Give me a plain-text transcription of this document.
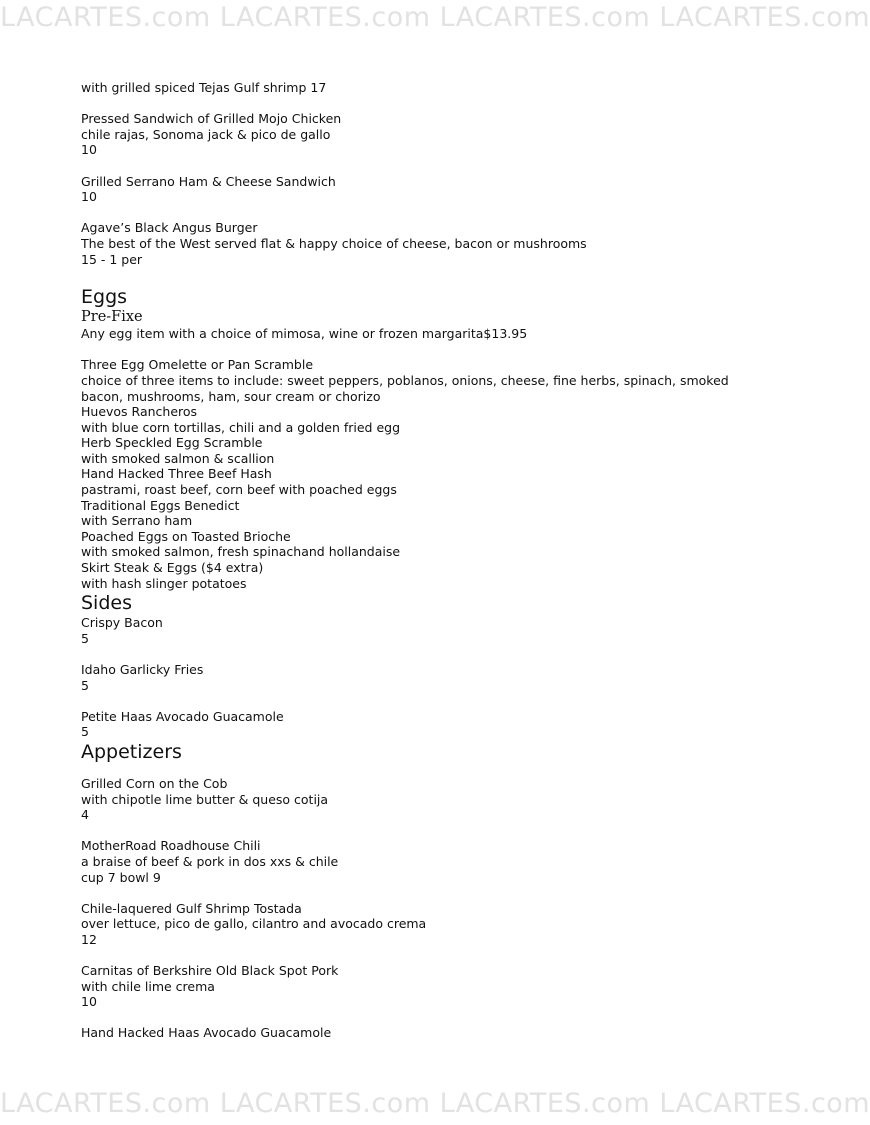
LACARTES.com LACARTES.com LACARTES.com LACARTES.com
with grilled spiced Tejas Gulf shrimp 17
Pressed Sandwich of Grilled Mojo Chicken
chile rajas, Sonoma jack & pico de gallo
10
Grilled Serrano Ham & Cheese Sandwich
10
Agave’s Black Angus Burger
The best of the West served flat & happy choice of cheese, bacon or mushrooms
15 - 1 per
Eggs
Pre-Fixe
Any egg item with a choice of mimosa, wine or frozen margarita$13.95
Three Egg Omelette or Pan Scramble
choice of three items to include: sweet peppers, poblanos, onions, cheese, fine herbs, spinach, smoked bacon, mushrooms, ham, sour cream or chorizo
Huevos Rancheros
with blue corn tortillas, chili and a golden fried egg
Herb Speckled Egg Scramble
with smoked salmon & scallion
Hand Hacked Three Beef Hash
pastrami, roast beef, corn beef with poached eggs
Traditional Eggs Benedict
with Serrano ham
Poached Eggs on Toasted Brioche
with smoked salmon, fresh spinachand hollandaise
Skirt Steak & Eggs ($4 extra)
with hash slinger potatoes
Sides
Crispy Bacon
5
Idaho Garlicky Fries
5
Petite Haas Avocado Guacamole
5
Appetizers
Grilled Corn on the Cob
with chipotle lime butter & queso cotija
4
MotherRoad Roadhouse Chili
a braise of beef & pork in dos xxs & chile
cup 7 bowl 9
Chile-laquered Gulf Shrimp Tostada
over lettuce, pico de gallo, cilantro and avocado crema
12
Carnitas of Berkshire Old Black Spot Pork
with chile lime crema
10
Hand Hacked Haas Avocado Guacamole
LACARTES.com LACARTES.com LACARTES.com LACARTES.com
